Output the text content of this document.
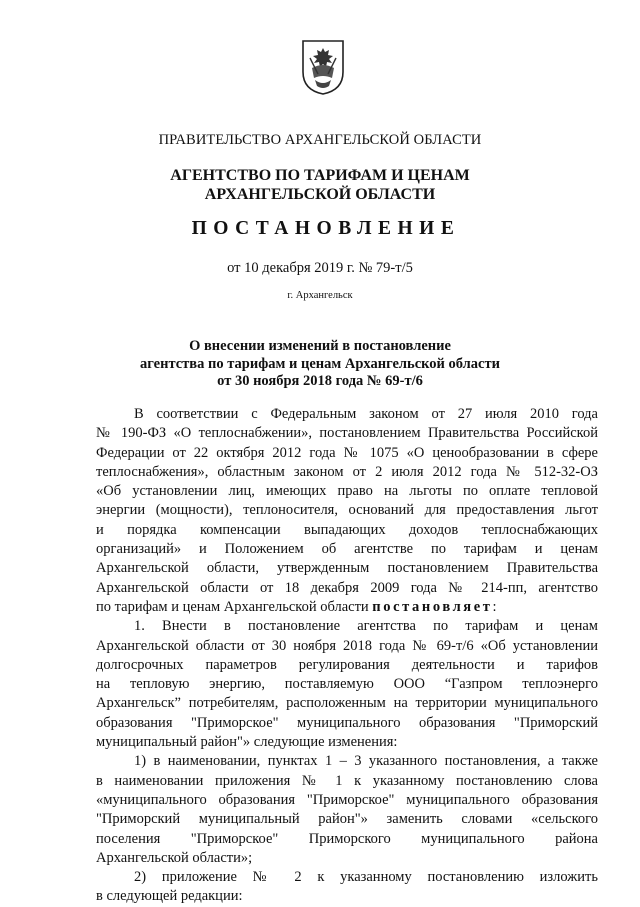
ПРАВИТЕЛЬСТВО АРХАНГЕЛЬСКОЙ ОБЛАСТИ
АГЕНТСТВО ПО ТАРИФАМ И ЦЕНАМ
АРХАНГЕЛЬСКОЙ ОБЛАСТИ
ПОСТАНОВЛЕНИЕ
от 10 декабря 2019 г. № 79-т/5
г. Архангельск
О внесении изменений в постановление
агентства по тарифам и ценам Архангельской области
от 30 ноября 2018 года № 69-т/6
В соответствии с Федеральным законом от 27 июля 2010 года
№ 190-ФЗ «О теплоснабжении», постановлением Правительства Российской
Федерации от 22 октября 2012 года № 1075 «О ценообразовании в сфере
теплоснабжения», областным законом от 2 июля 2012 года № 512-32-ОЗ
«Об установлении лиц, имеющих право на льготы по оплате тепловой
энергии (мощности), теплоносителя, оснований для предоставления льгот
и порядка компенсации выпадающих доходов теплоснабжающих
организаций» и Положением об агентстве по тарифам и ценам
Архангельской области, утвержденным постановлением Правительства
Архангельской области от 18 декабря 2009 года № 214-пп, агентство
по тарифам и ценам Архангельской области постановляет:
1. Внести в постановление агентства по тарифам и ценам
Архангельской области от 30 ноября 2018 года № 69-т/6 «Об установлении
долгосрочных параметров регулирования деятельности и тарифов
на тепловую энергию, поставляемую ООО “Газпром теплоэнерго
Архангельск” потребителям, расположенным на территории муниципального
образования "Приморское" муниципального образования "Приморский
муниципальный район"» следующие изменения:
1) в наименовании, пунктах 1 – 3 указанного постановления, а также
в наименовании приложения № 1 к указанному постановлению слова
«муниципального образования "Приморское" муниципального образования
"Приморский муниципальный район"» заменить словами «сельского
поселения "Приморское" Приморского муниципального района
Архангельской области»;
2) приложение № 2 к указанному постановлению изложить
в следующей редакции:
